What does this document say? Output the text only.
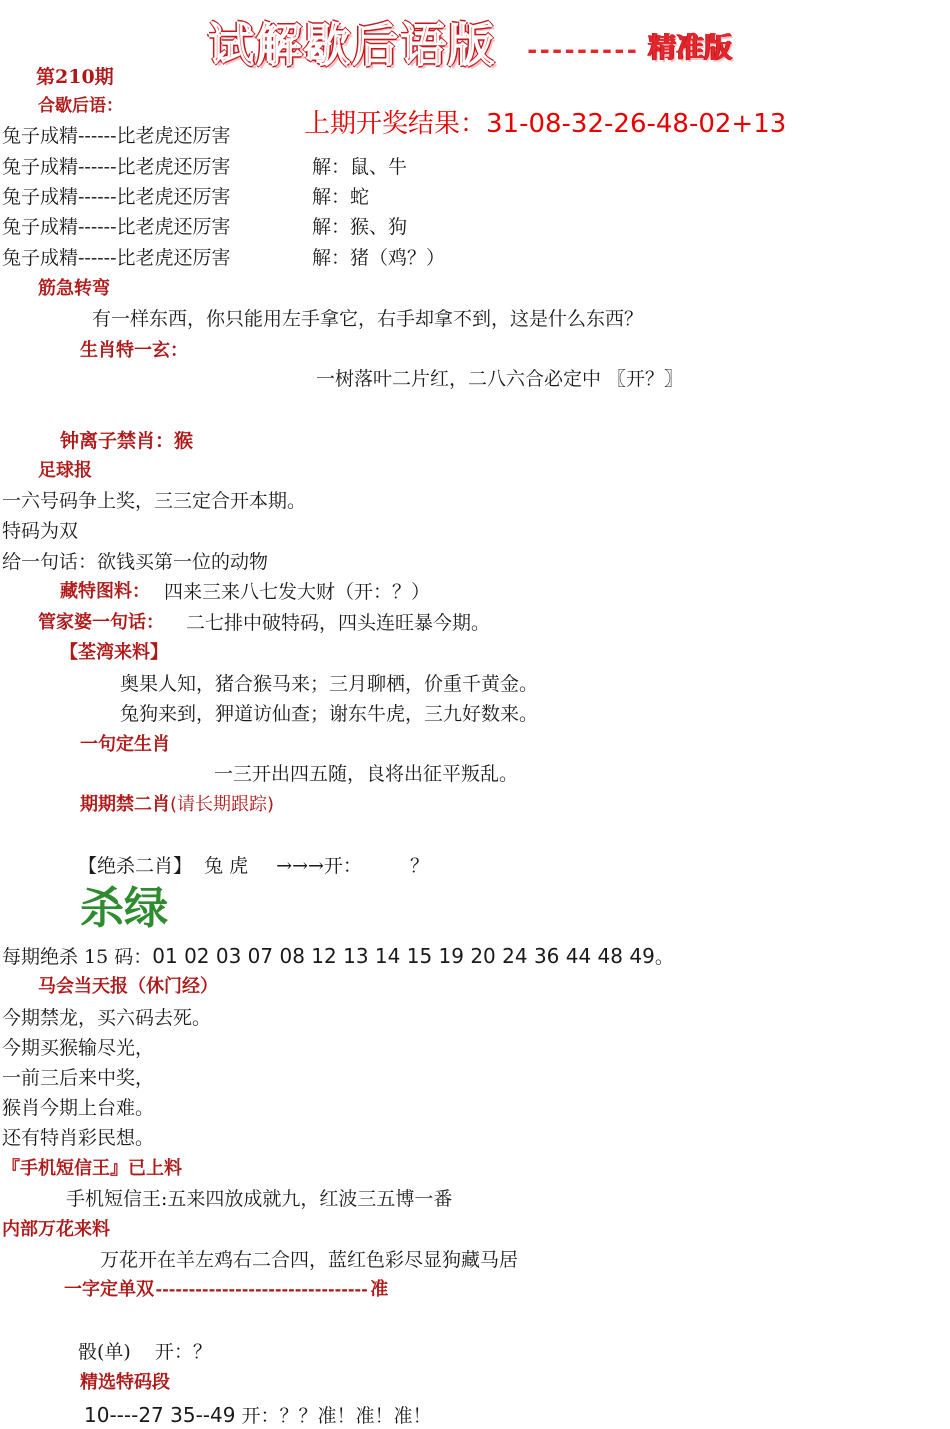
试解歇后语版 --------- 精准版
第210期
上期开奖结果：31-08-32-26-48-02+13
合歇后语：
兔子成精------比老虎还厉害
兔子成精------比老虎还厉害	解：鼠、牛
兔子成精------比老虎还厉害	解：蛇
兔子成精------比老虎还厉害	解：猴、狗
兔子成精------比老虎还厉害	解：猪（鸡？）
筋急转弯
有一样东西，你只能用左手拿它，右手却拿不到，这是什么东西？
生肖特一玄：
一树落叶二片红，二八六合必定中 〖开？〗
钟离子禁肖：猴
足球报
一六号码争上奖，三三定合开本期。
特码为双
给一句话：欲钱买第一位的动物
藏特图料： 四来三来八七发大财（开：？）
管家婆一句话： 二七排中破特码，四头连旺暴今期。
【荃湾来料】
奥果人知，猪合猴马来；三月聊栖，价重千黄金。
兔狗来到，狎道访仙查；谢东牛虎，三九好数来。
一句定生肖
一三开出四五随，良将出征平叛乱。
期期禁二肖(请长期跟踪)
【绝杀二肖】 兔 虎 →→→开：	？
杀绿
每期绝杀 15 码：01 02 03 07 08 12 13 14 15 19 20 24 36 44 48 49。
马会当天报（休门经）
今期禁龙，买六码去死。
今期买猴输尽光，
一前三后来中奖，
猴肖今期上台难。
还有特肖彩民想。
『手机短信王』已上料
手机短信王:五来四放成就九，红波三五博一番
内部万花来料
万花开在羊左鸡右二合四，蓝红色彩尽显狗藏马居
一字定单双-------------------------------- 准
骰(单) 开：？
精选特码段
10----27 35--49 开：？？准！准！准！
